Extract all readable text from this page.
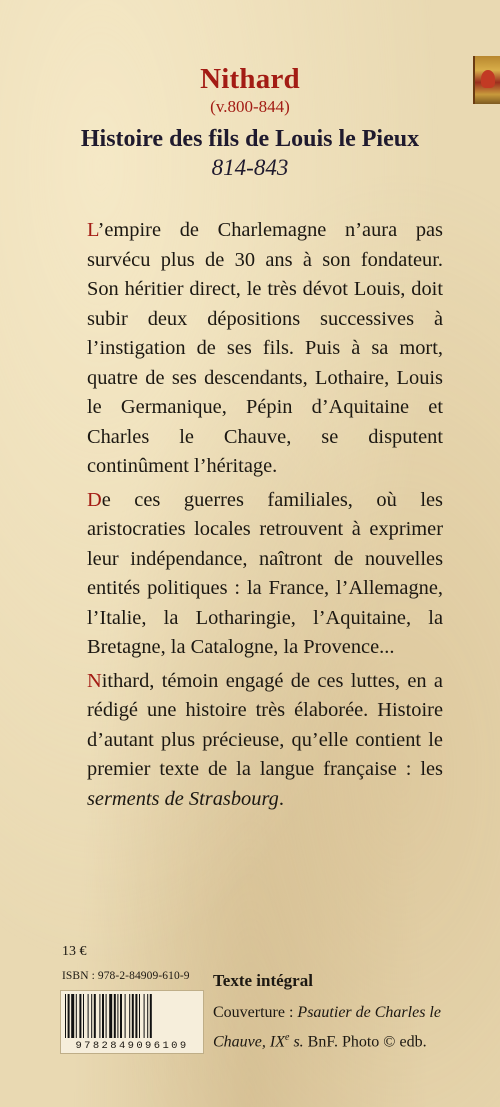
Nithard
(v.800-844)
Histoire des fils de Louis le Pieux
814-843

L’empire de Charlemagne n’aura pas survécu plus de 30 ans à son fondateur. Son héritier direct, le très dévot Louis, doit subir deux dépositions successives à l’instigation de ses fils. Puis à sa mort, quatre de ses descendants, Lothaire, Louis le Germanique, Pépin d’Aquitaine et Charles le Chauve, se disputent continûment l’héritage.

De ces guerres familiales, où les aristocraties locales retrouvent à exprimer leur indépendance, naîtront de nouvelles entités politiques : la France, l’Allemagne, l’Italie, la Lotharingie, l’Aquitaine, la Bretagne, la Catalogne, la Provence...

Nithard, témoin engagé de ces luttes, en a rédigé une histoire très élaborée. Histoire d’autant plus précieuse, qu’elle contient le premier texte de la langue française : les serments de Strasbourg.

13 €
ISBN : 978-2-84909-610-9
9782849096109
Texte intégral
Couverture : Psautier de Charles le Chauve, IXe s. BnF. Photo © edb.
